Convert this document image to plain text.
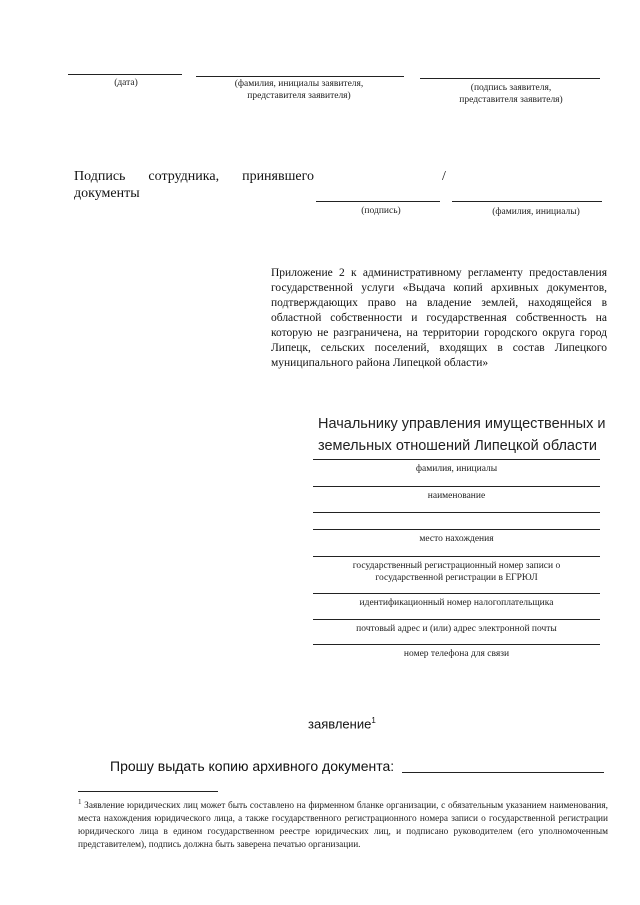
(дата)	(фамилия, инициалы заявителя, представителя заявителя)
(подпись заявителя, представителя заявителя)
Подпись сотрудника, принявшего документы
/
(подпись)	(фамилия, инициалы)
Приложение 2 к административному регламенту предоставления государственной услуги «Выдача копий архивных документов, подтверждающих право на владение землей, находящейся в областной собственности и государственная собственность на которую не разграничена, на территории городского округа город Липецк, сельских поселений, входящих в состав Липецкого муниципального района Липецкой области»
Начальнику управления имущественных и земельных отношений Липецкой области
фамилия, инициалы
наименование
место нахождения
государственный регистрационный номер записи о государственной регистрации в ЕГРЮЛ
идентификационный номер налогоплательщика
почтовый адрес и (или) адрес электронной почты
номер телефона для связи
заявление$^1$
Прошу выдать копию архивного документа:
$^1$ Заявление юридических лиц может быть составлено на фирменном бланке организации, с обязательным указанием наименования, места нахождения юридического лица, а также государственного регистрационного номера записи о государственной регистрации юридического лица в едином государственном реестре юридических лиц, и подписано руководителем (его уполномоченным представителем), подпись должна быть заверена печатью организации.
